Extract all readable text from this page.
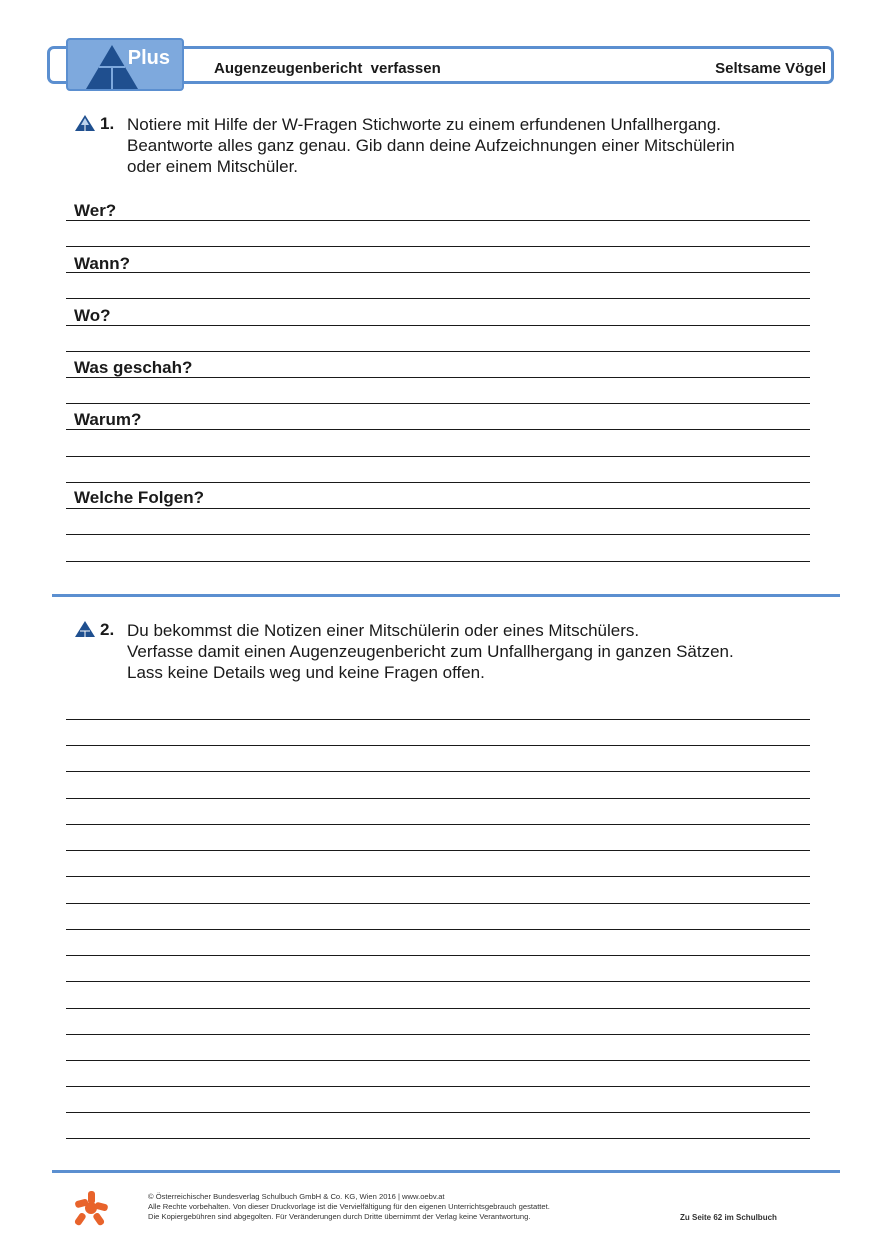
Plus	Augenzeugenbericht  verfassen	Seltsame Vögel
1. Notiere mit Hilfe der W-Fragen Stichworte zu einem erfundenen Unfallhergang.
Beantworte alles ganz genau. Gib dann deine Aufzeichnungen einer Mitschülerin
oder einem Mitschüler.
Wer?
Wann?
Wo?
Was geschah?
Warum?
Welche Folgen?
2. Du bekommst die Notizen einer Mitschülerin oder eines Mitschülers.
Verfasse damit einen Augenzeugenbericht zum Unfallhergang in ganzen Sätzen.
Lass keine Details weg und keine Fragen offen.
© Österreichischer Bundesverlag Schulbuch GmbH & Co. KG, Wien 2016 | www.oebv.at
Alle Rechte vorbehalten. Von dieser Druckvorlage ist die Vervielfältigung für den eigenen Unterrichtsgebrauch gestattet.
Die Kopiergebühren sind abgegolten. Für Veränderungen durch Dritte übernimmt der Verlag keine Verantwortung.	Zu Seite 62 im Schulbuch
